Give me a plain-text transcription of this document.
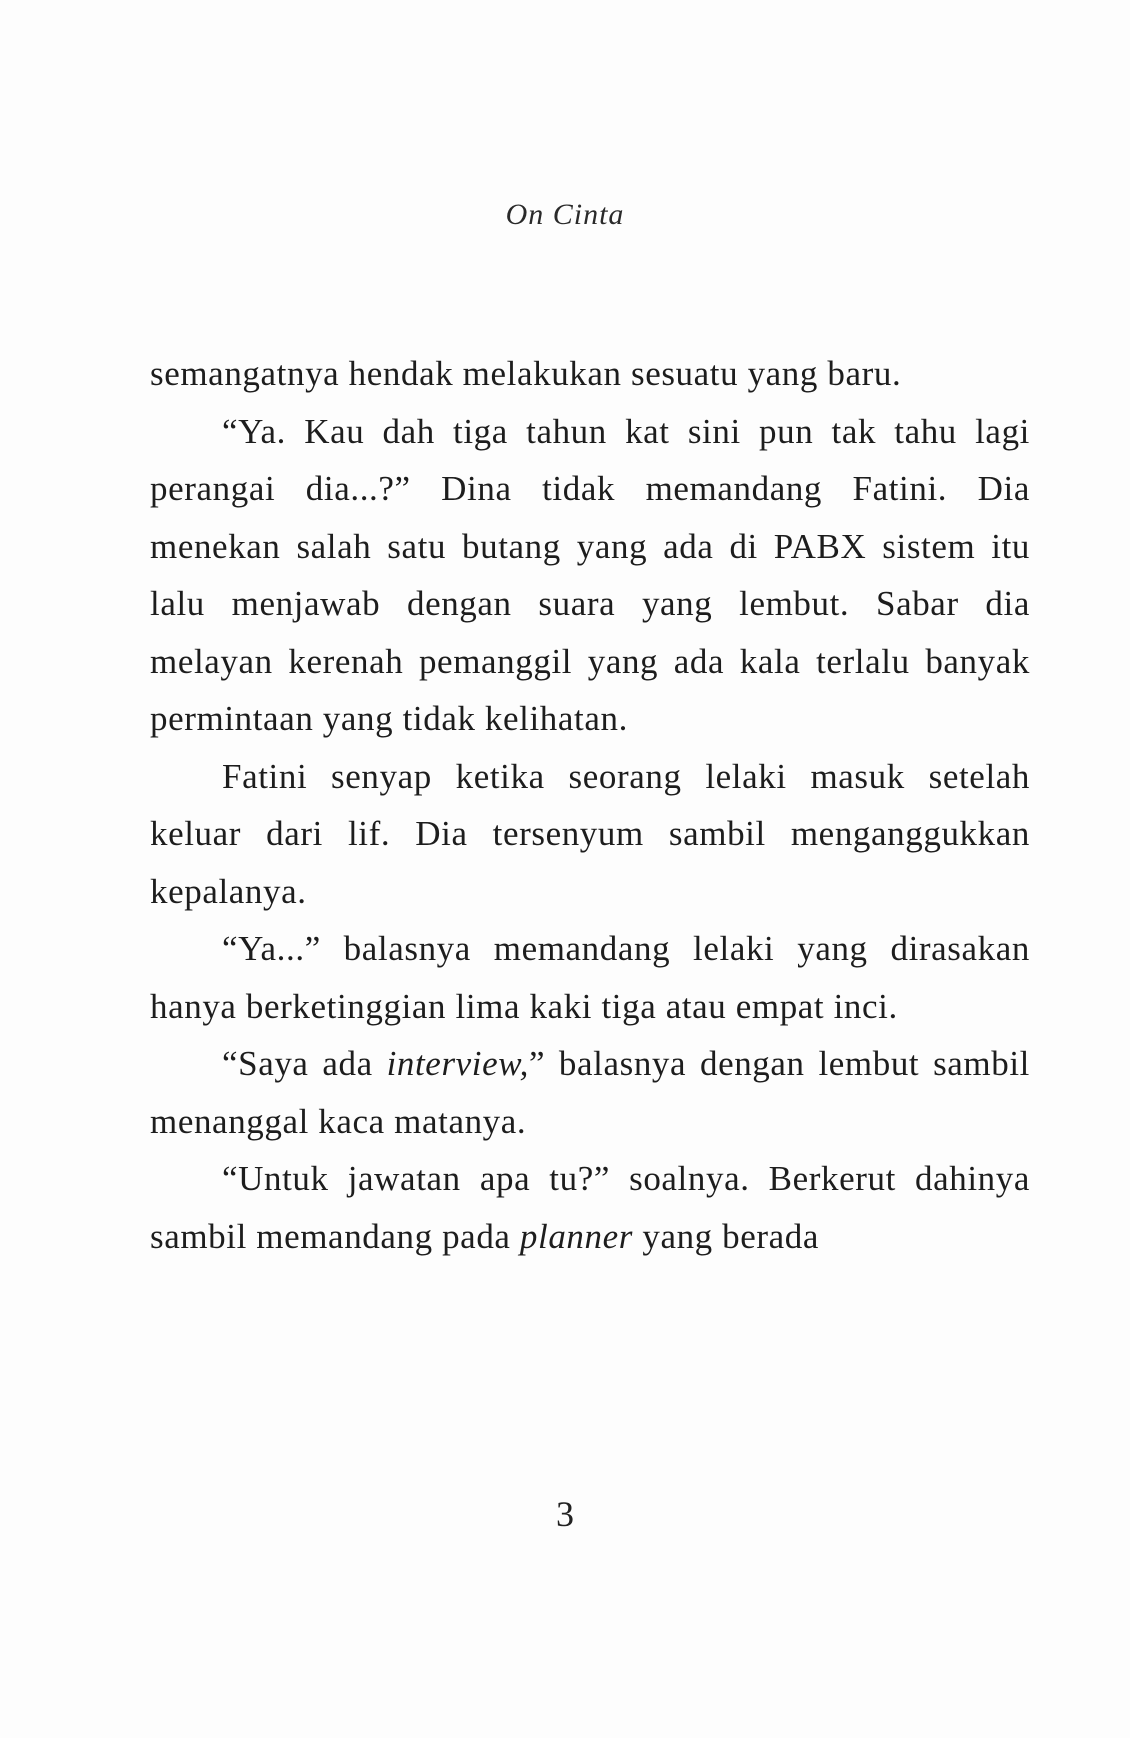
On Cinta

semangatnya hendak melakukan sesuatu yang baru.

“Ya. Kau dah tiga tahun kat sini pun tak tahu lagi perangai dia...?” Dina tidak memandang Fatini. Dia menekan salah satu butang yang ada di PABX sistem itu lalu menjawab dengan suara yang lembut. Sabar dia melayan kerenah pemanggil yang ada kala terlalu banyak permintaan yang tidak kelihatan.

Fatini senyap ketika seorang lelaki masuk setelah keluar dari lif. Dia tersenyum sambil menganggukkan kepalanya.

“Ya...” balasnya memandang lelaki yang dirasakan hanya berketinggian lima kaki tiga atau empat inci.

“Saya ada interview,” balasnya dengan lembut sambil menanggal kaca matanya.

“Untuk jawatan apa tu?” soalnya. Berkerut dahinya sambil memandang pada planner yang berada

3
